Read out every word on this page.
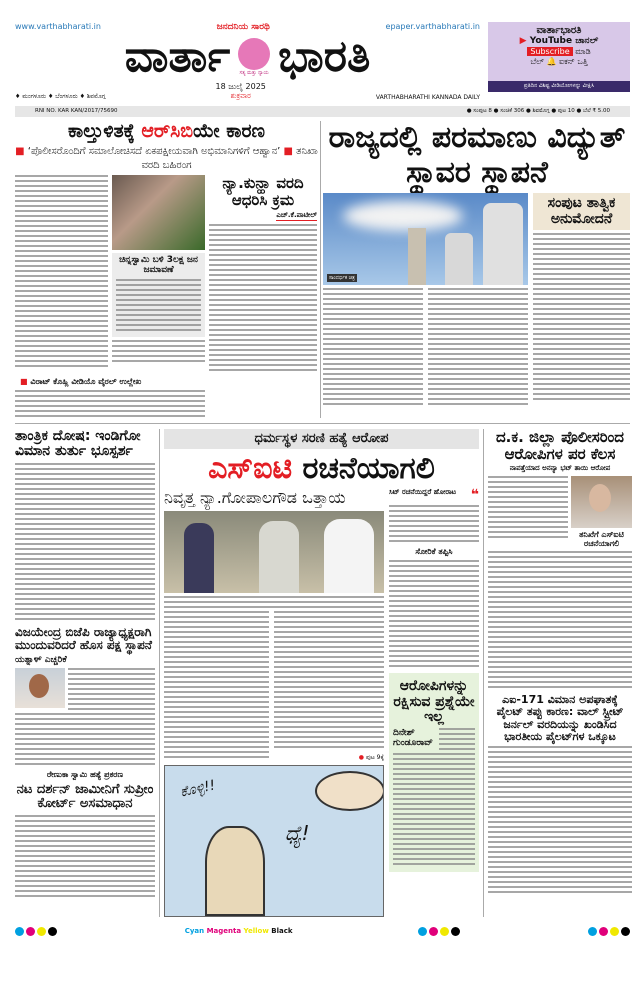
www.varthabharati.in	ಜನದನಿಯ ಸಾರಥಿ	epaper.varthabharati.in
ವಾರ್ತಾ ಸತ್ಯ ಮತ್ತು ನ್ಯಾಯ ಭಾರತಿ
♦ ಮಂಗಳೂರು ♦ ಬೆಂಗಳೂರು ♦ ಶಿವಮೊಗ್ಗ
18 ಜುಲೈ 2025
ಶುಕ್ರವಾರ	VARTHABHARATHI KANNADA DAILY
ವಾರ್ತಾಭಾರತಿ
▶ YouTube ಚಾನಲ್
Subscribe ಮಾಡಿ
ಬೆಲ್ 🔔 ಐಕನ್ ಒತ್ತಿ
ಪ್ರತಿದಿನ ವಿಶಿಷ್ಟ ವೀಡಿಯೋಗಳನ್ನು ವೀಕ್ಷಿಸಿ
RNI NO. KAR KAN/2017/75690	● ಸಂಪುಟ 8 ● ಸಂಚಿಕೆ 306 ● ಶಿವಮೊಗ್ಗ ● ಪುಟ 10 ● ಬೆಲೆ ₹ 5.00
ಕಾಲ್ತುಳಿತಕ್ಕೆ ಆರ್‌ಸಿಬಿಯೇ ಕಾರಣ
■ ‘ಪೊಲೀಸರೊಂದಿಗೆ ಸಮಾಲೋಚಿಸದೆ ಏಕಪಕ್ಷೀಯವಾಗಿ ಅಭಿಮಾನಿಗಳಿಗೆ ಆಹ್ವಾನ’ ■ ತನಿಖಾ ವರದಿ ಬಹಿರಂಗ
ಚಿನ್ನಸ್ವಾಮಿ ಬಳಿ 3ಲಕ್ಷ ಜನ ಜಮಾವಣೆ
ನ್ಯಾ.ಕುನ್ಹಾ ವರದಿ ಆಧರಿಸಿ ಕ್ರಮ
ಎಚ್.ಕೆ.ಪಾಟೀಲ್
■ ವಿರಾಟ್ ಕೊಹ್ಲಿ ವೀಡಿಯೊ ವೈರಲ್ ಉಲ್ಲೇಖ
ರಾಜ್ಯದಲ್ಲಿ ಪರಮಾಣು ವಿದ್ಯುತ್ ಸ್ಥಾವರ ಸ್ಥಾಪನೆ
ಸಾಂದರ್ಭಿಕ ಚಿತ್ರ
ಸಂಪುಟ ತಾತ್ವಿಕ ಅನುಮೋದನೆ
ತಾಂತ್ರಿಕ ದೋಷ: ಇಂಡಿಗೋ ವಿಮಾನ ತುರ್ತು ಭೂಸ್ಪರ್ಶ
ವಿಜಯೇಂದ್ರ ಬಿಜೆಪಿ ರಾಜ್ಯಾಧ್ಯಕ್ಷರಾಗಿ ಮುಂದುವರಿದರೆ ಹೊಸ ಪಕ್ಷ ಸ್ಥಾಪನೆ
ಯತ್ನಾಳ್ ಎಚ್ಚರಿಕೆ
ರೇಣುಕಾ ಸ್ವಾಮಿ ಹತ್ಯೆ ಪ್ರಕರಣ
ನಟ ದರ್ಶನ್ ಜಾಮೀನಿಗೆ ಸುಪ್ರೀಂ ಕೋರ್ಟ್ ಅಸಮಾಧಾನ
ಧರ್ಮಸ್ಥಳ ಸರಣಿ ಹತ್ಯೆ ಆರೋಪ
ಎಸ್‌ಐಟಿ ರಚನೆಯಾಗಲಿ
ನಿವೃತ್ತ ನ್ಯಾ.ಗೋಪಾಲಗೌಡ ಒತ್ತಾಯ
● ಪುಟ 9ಕ್ಕೆ
ಕೊಳ್ಳಿ!!
ಧ್ಯೆ!
ಸಿಟ್ ರಚನೆಯಿದ್ದರೆ ಹೋರಾಟ	❝
ಸೋರಿಕೆ ತಪ್ಪಿಸಿ
ಆರೋಪಿಗಳನ್ನು ರಕ್ಷಿಸುವ ಪ್ರಶ್ನೆಯೇ ಇಲ್ಲ
ದಿನೇಶ್ ಗುಂಡೂರಾವ್
ದ.ಕ. ಜಿಲ್ಲಾ ಪೊಲೀಸರಿಂದ ಆರೋಪಿಗಳ ಪರ ಕೆಲಸ
ನಾಪತ್ತೆಯಾದ ಅನನ್ಯಾ ಭಟ್ ತಾಯಿ ಆರೋಪ
ತನಿಖೆಗೆ ಎಸ್‌ಐಟಿ ರಚನೆಯಾಗಲಿ
ಎಐ-171 ವಿಮಾನ ಅಪಘಾತಕ್ಕೆ ಪೈಲಟ್ ತಪ್ಪು ಕಾರಣ: ವಾಲ್ ಸ್ಟ್ರೀಟ್ ಜರ್ನಲ್ ವರದಿಯನ್ನು ಖಂಡಿಸಿದ ಭಾರತೀಯ ಪೈಲಟ್‌ಗಳ ಒಕ್ಕೂಟ
Cyan Magenta Yellow Black
